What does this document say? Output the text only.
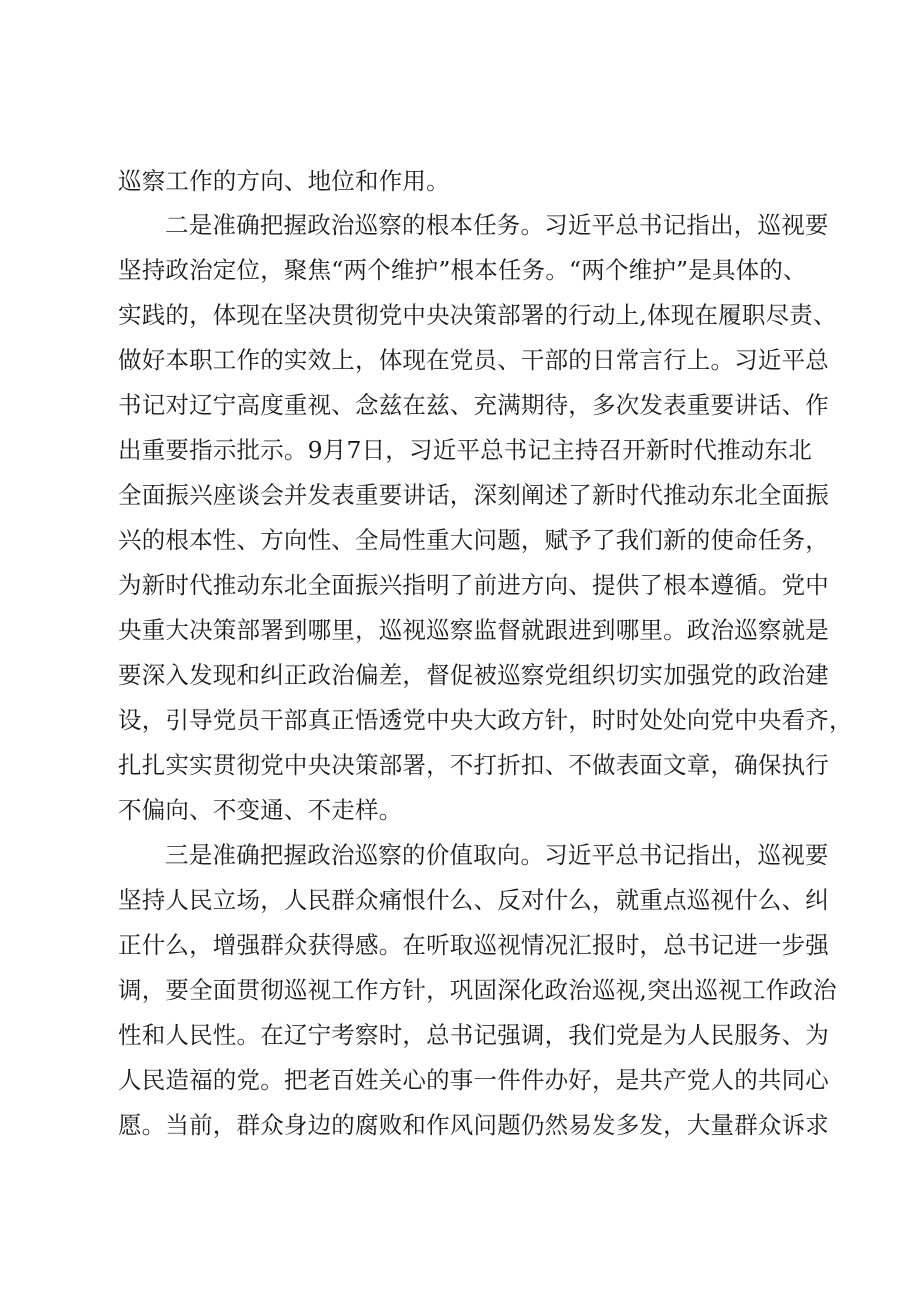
巡察工作的方向、地位和作用。
二是准确把握政治巡察的根本任务。习近平总书记指出，巡视要
坚持政治定位，聚焦“两个维护”根本任务。“两个维护”是具体的、
实践的，体现在坚决贯彻党中央决策部署的行动上,体现在履职尽责、
做好本职工作的实效上，体现在党员、干部的日常言行上。习近平总
书记对辽宁高度重视、念兹在兹、充满期待，多次发表重要讲话、作
出重要指示批示。9月7日，习近平总书记主持召开新时代推动东北
全面振兴座谈会并发表重要讲话，深刻阐述了新时代推动东北全面振
兴的根本性、方向性、全局性重大问题，赋予了我们新的使命任务，
为新时代推动东北全面振兴指明了前进方向、提供了根本遵循。党中
央重大决策部署到哪里，巡视巡察监督就跟进到哪里。政治巡察就是
要深入发现和纠正政治偏差，督促被巡察党组织切实加强党的政治建
设，引导党员干部真正悟透党中央大政方针，时时处处向党中央看齐，
扎扎实实贯彻党中央决策部署，不打折扣、不做表面文章，确保执行
不偏向、不变通、不走样。
三是准确把握政治巡察的价值取向。习近平总书记指出，巡视要
坚持人民立场，人民群众痛恨什么、反对什么，就重点巡视什么、纠
正什么，增强群众获得感。在听取巡视情况汇报时，总书记进一步强
调，要全面贯彻巡视工作方针，巩固深化政治巡视,突出巡视工作政治
性和人民性。在辽宁考察时，总书记强调，我们党是为人民服务、为
人民造福的党。把老百姓关心的事一件件办好，是共产党人的共同心
愿。当前，群众身边的腐败和作风问题仍然易发多发，大量群众诉求
